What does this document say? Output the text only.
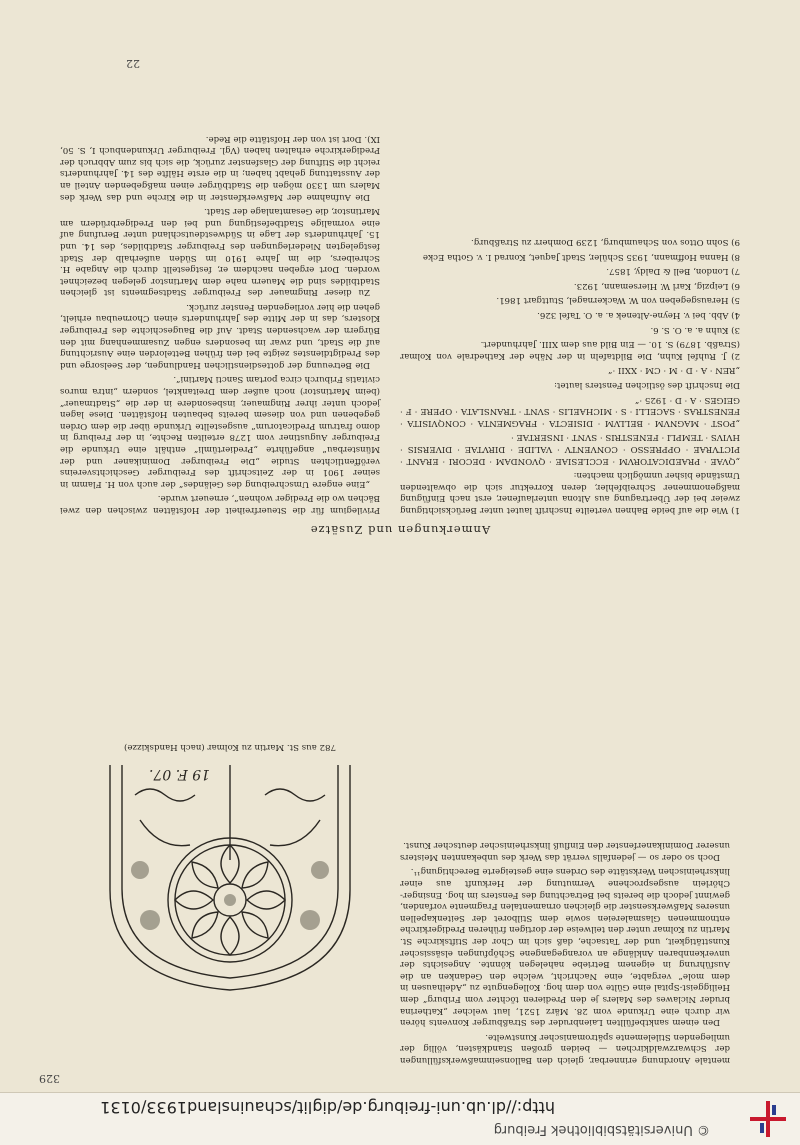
© Universitätsbibliothek Freiburg
http://dl.ub.uni-freiburg.de/diglit/schauinsland1933/0131
329

mentale Anordnung erinnerbar, gleich den Ballonseinmaßwerksfüllungen der Schwarzwaldkirchen — beiden großen Standkästen, völlig der umliegenden Stilelemente spätromanischer Kunstwelte.

Den einem sanktbefüllten Laienbruder des Straßburger Konvents hören wir durch eine Urkunde vom 28. März 1521, laut welcher „Katherina bruder Niclawes des Malers je den Predieren töchter vom Friburg“ dem Heiliggeist-Spital eine Gülte von dem hog. Kollegengute zu „Adelhausen in dem mole“ vergabte, eine Nachricht, welche den Gedanken an die Ausführung in eigenem Betriebe nahelegen könnte. Angesichts der unverkennbaren Anklänge an vorangegangene Schöpfungen elsässischer Kunsttätigkeit, und der Tatsache, daß sich im Chor der Stiftskirche St. Martin zu Kolmar unter den teilweise der dortigen früheren Predigerkirche entnommenen Glasmalereien sowie dem Stilboret der Seitenkapellen unseres Maßwerksenster die gleichen ornamentalen Fragmente vorfanden, gewinnt jedoch die bereits bei Betrachtung des Fensters im hog. Ensinger-Chörlein ausgesprochene Vermutung der Herkunft aus einer linksrheinischen Werkstätte des Ordens eine gesteigerte Berechtigung¹¹.

Doch so oder so — jedenfalls verrät das Werk des unbekannten Meisters unserer Dominikanerfenster den Einfluß linksrheinischer deutscher Kunst.

19 F. 07.
782 aus St. Martin zu Kolmar (nach Handskizze)
Anmerkungen und Zusätze

Privilegium für die Steuerfreiheit der Hofstätten zwischen den zwei Bächen wo die Prediger wohnen“, erneuert wurde.

„Eine engere Umschreibung des Geländes“ der auch von H. Flamm in seiner 1901 in der Zeitschrift des Freiburger Geschichtsvereins veröffentlichten Studie „Die Freiburger Dominikaner und der Münsterbau“ angeführte „Prediertümli“ enthält eine Urkunde die Freiburger Augustiner vom 1278 erteilten Rechte, in der Freiburg in domo fratrum Predicatorum“ ausgestellte Urkunde über die dem Orden gegebenen und von diesem bereits bebauten Hofstätten. Diese lagen jedoch unter ihrer Ringmauer, insbesondere in der die „Stadtmauer“ (beim Martinstor) noch außer dem Dreitanktel, sondern „intra muros civitatis Friburch circa portam Sancti Martini“.

Die Betreuung der gottesdienstlichen Handlungen, der Seelsorge und des Predigtdienstes zeigte bei den frühen Bettelorden eine Ausrichtung auf die Stadt, und zwar im besonders engen Zusammenhang mit den Bürgern der wachsenden Stadt. Auf die Baugeschichte des Freiburger Klosters, das in der Mitte des Jahrhunderts einen Chorneubau erhielt, gehen die hier vorliegenden Fenster zurück.

Zu dieser Ringmauer des Freiburger Stadtsegments ist gleichen Stadtbildes sind die Mauern nahe dem Martinstor gelegen bezeichnet worden. Dort ergeben nachdem er, festgestellt durch die Angabe H. Schreibers, die im Jahre 1910 im Süden außerhalb der Stadt festgelegten Niederlegungen des Freiburger Stadtbildes, des 14. und 15. Jahrhunderts der Lage in Südwestdeutschland unter Berufung auf eine vormalige Stadtbefestigung und bei den Predigerbrüdern am Martinstor, die Gesamtanlage der Stadt.

Die Aufnahme der Maßwerkfenster in die Kirche und das Werk des Malers um 1330 mögen die Stadtbürger einen maßgebenden Anteil an der Ausstattung gehabt haben; in die erste Hälfte des 14. Jahrhunderts reicht die Stiftung der Glasfenster zurück, die sich bis zum Abbruch der Predigerkirche erhalten haben (Vgl. Freiburger Urkundenbuch I, S. 50, IX). Dort ist von der Hofstätte die Rede.

1) Wie die auf beide Bahnen verteilte Inschrift lautet unter Berücksichtigung zweier bei der Übertragung aus Altona unterlaufener, erst nach Einfügung maßgenommener Schreibfehler, deren Korrektur sich die obwaltenden Umstände bisher unmöglich machten:

„QVAE · PRAEDICATORVM · ECCLESIAE · QVONDAM · DECORI · ERANT · PICTVRAE · OPPRESSO · CONVENTV · VALIDE · DIRVTAE · DIVERSIS · HVIVS · TEMPLI · FENESTRIS · SVNT · INSERTAE ·

„POST · MAGNVM · BELLVM · DISIECTA · FRAGMENTA · CONQVISITA · FENESTRAS · SACELLI · S · MICHAELIS · SVNT · TRANSLATA · OPERE · F · GEIGES · A · D · 1925 ·“

Die Inschrift des östlichen Fensters lautet:

„REN · A · D · M · CM · XXII ·“

2) J. Ruhfel Kuhn, Die Bildtafeln in der Nähe der Kathedrale von Kolmar (Straßb. 1879) S. 10. — Ein Bild aus dem XIII. Jahrhundert.

3) Kuhn a. a. O. S. 6.

4) Abb. bei v. Heyne-Altenek a. a. O. Tafel 326.

5) Herausgegeben von W. Wackernagel, Stuttgart 1861.

6) Leipzig, Karl W. Hiersemann, 1923.

7) London, Bell & Daldy, 1857.

8) Hanna Hoffmann, 1935 Schüler, Stadt Jaquet, Konrad I. v. Gotha Ecke

9) Sohn Ottos von Schaumburg, 1239 Domherr zu Straßburg.

22
